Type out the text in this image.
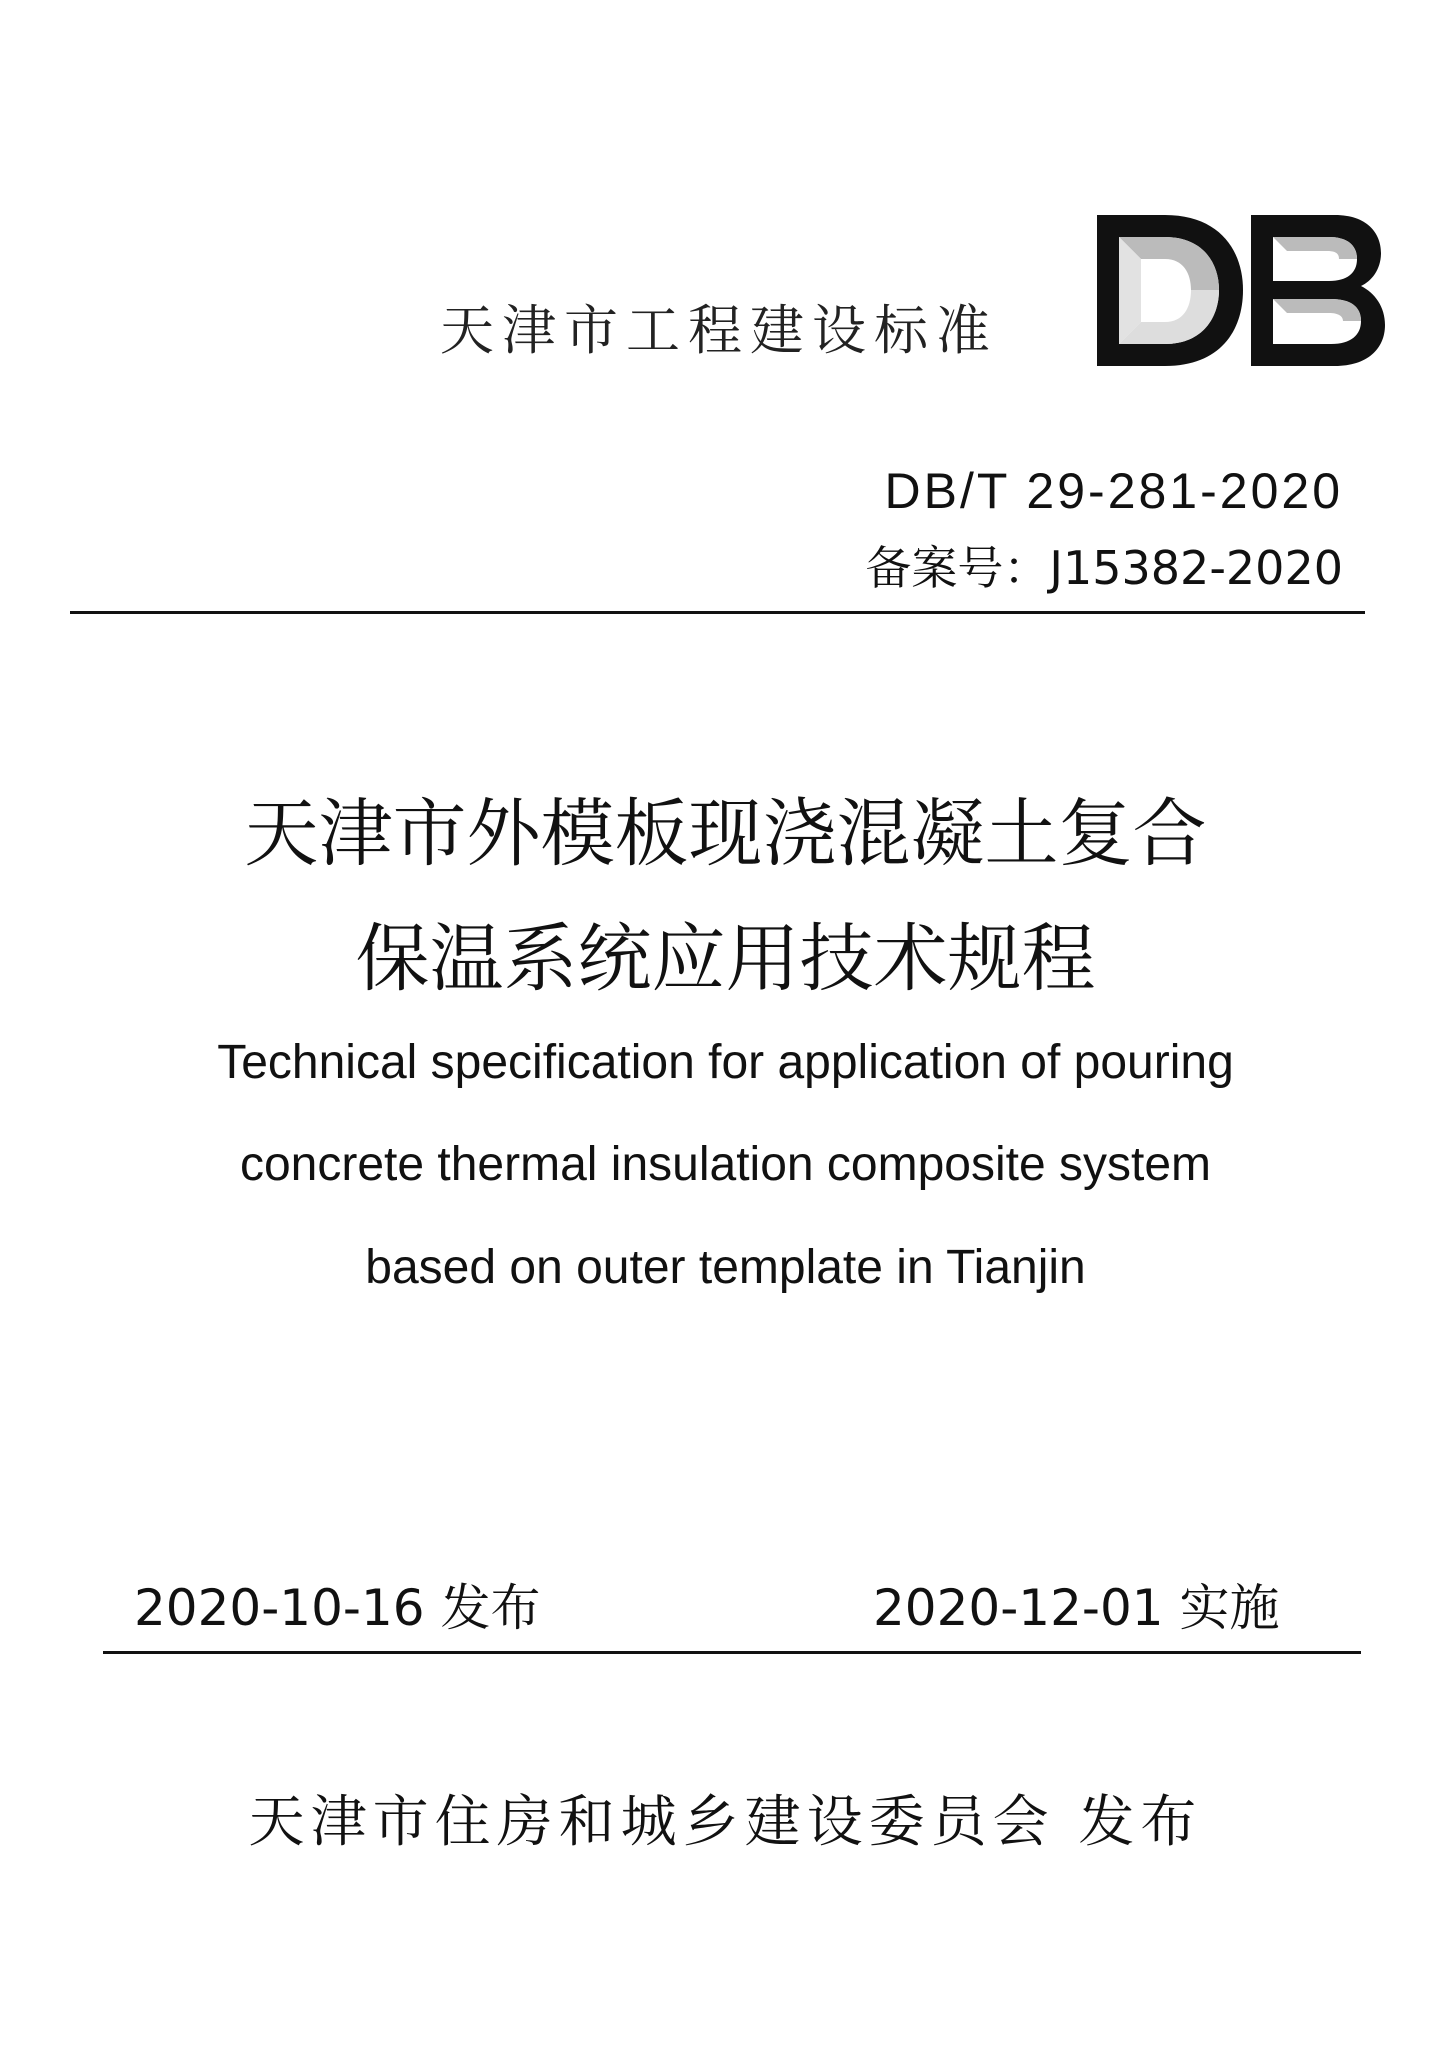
天津市工程建设标准
DB/T 29-281-2020
备案号：J15382-2020
天津市外模板现浇混凝土复合
保温系统应用技术规程
Technical specification for application of pouring
concrete thermal insulation composite system
based on outer template in Tianjin
2020-10-16 发布	2020-12-01 实施
天津市住房和城乡建设委员会 发布
